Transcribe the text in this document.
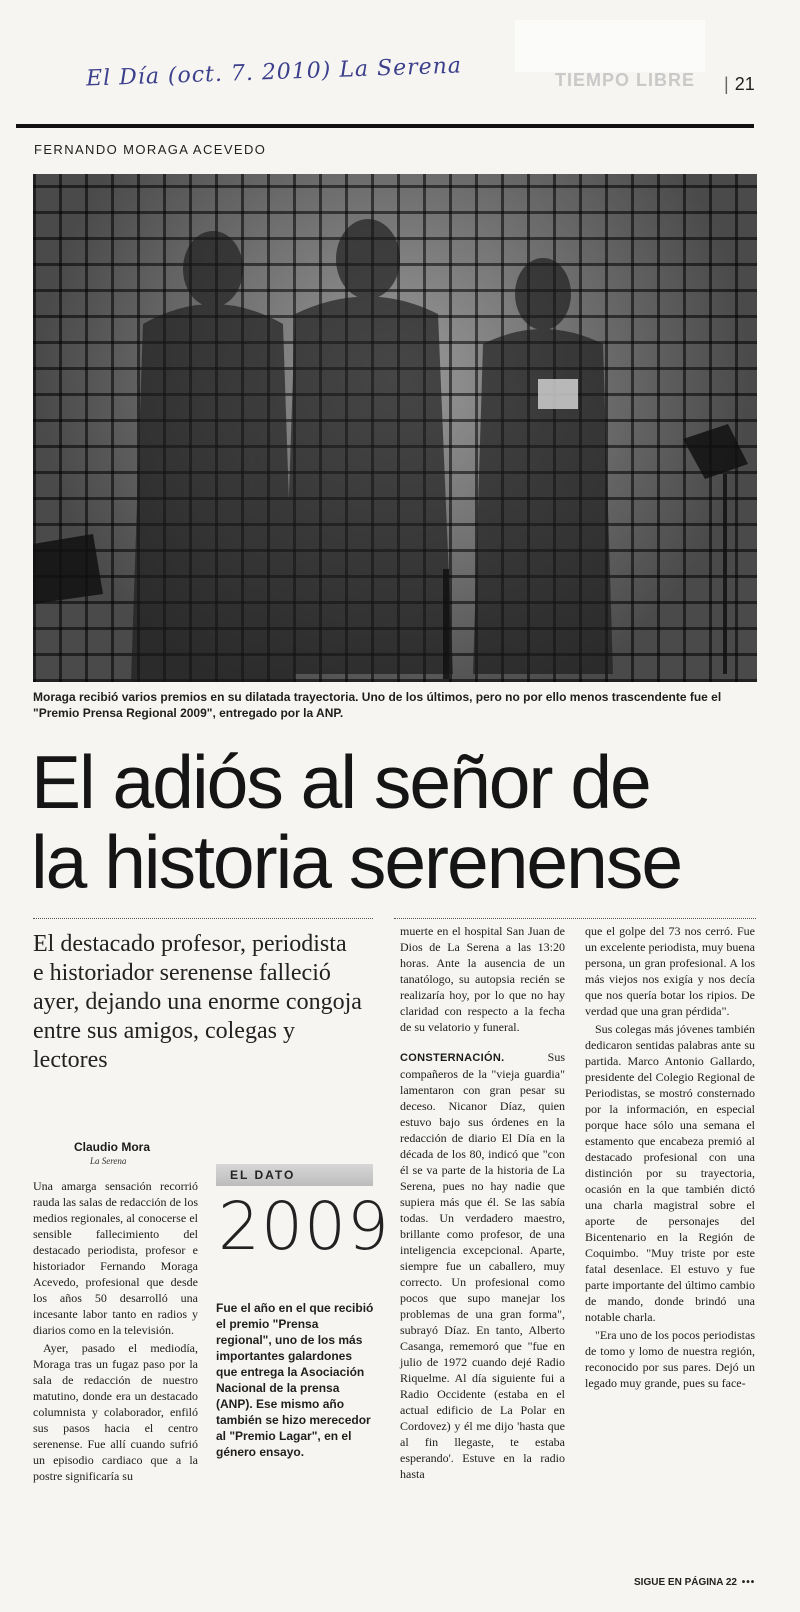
El Día (oct. 7. 2010) La Serena	TIEMPO LIBRE
|	21
FERNANDO MORAGA ACEVEDO
Moraga recibió varios premios en su dilatada trayectoria. Uno de los últimos, pero no por ello menos trascendente fue el "Premio Prensa Regional 2009", entregado por la ANP.
El adiós al señor de
la historia serenense
El destacado profesor, periodista e historiador serenense falleció ayer, dejando una enorme congoja entre sus amigos, colegas y lectores
Claudio Mora
La Serena

Una amarga sensación recorrió rauda las salas de redacción de los medios regionales, al conocerse el sensible fallecimiento del destacado periodista, profesor e historiador Fernando Moraga Acevedo, profesional que desde los años 50 desarrolló una incesante labor tanto en radios y diarios como en la televisión.

Ayer, pasado el mediodía, Moraga tras un fugaz paso por la sala de redacción de nuestro matutino, donde era un destacado columnista y colaborador, enfiló sus pasos hacia el centro serenense. Fue allí cuando sufrió un episodio cardiaco que a la postre significaría su

EL DATO
2009
Fue el año en el que recibió el premio "Prensa regional", uno de los más importantes galardones que entrega la Asociación Nacional de la prensa (ANP). Ese mismo año también se hizo merecedor al "Premio Lagar", en el género ensayo.

muerte en el hospital San Juan de Dios de La Serena a las 13:20 horas. Ante la ausencia de un tanatólogo, su autopsia recién se realizaría hoy, por lo que no hay claridad con respecto a la fecha de su velatorio y funeral.

CONSTERNACIÓN. Sus compañeros de la "vieja guardia" lamentaron con gran pesar su deceso. Nicanor Díaz, quien estuvo bajo sus órdenes en la redacción de diario El Día en la década de los 80, indicó que "con él se va parte de la historia de La Serena, pues no hay nadie que supiera más que él. Se las sabía todas. Un verdadero maestro, brillante como profesor, de una inteligencia excepcional. Aparte, siempre fue un caballero, muy correcto. Un profesional como pocos que supo manejar los problemas de una gran forma", subrayó Díaz. En tanto, Alberto Casanga, rememoró que "fue en julio de 1972 cuando dejé Radio Riquelme. Al día siguiente fui a Radio Occidente (estaba en el actual edificio de La Polar en Cordovez) y él me dijo 'hasta que al fin llegaste, te estaba esperando'. Estuve en la radio hasta

que el golpe del 73 nos cerró. Fue un excelente periodista, muy buena persona, un gran profesional. A los más viejos nos exigía y nos decía que nos quería botar los ripios. De verdad que una gran pérdida".

Sus colegas más jóvenes también dedicaron sentidas palabras ante su partida. Marco Antonio Gallardo, presidente del Colegio Regional de Periodistas, se mostró consternado por la información, en especial porque hace sólo una semana el estamento que encabeza premió al destacado profesional con una distinción por su trayectoria, ocasión en la que también dictó una charla magistral sobre el aporte de personajes del Bicentenario en la Región de Coquimbo. "Muy triste por este fatal desenlace. El estuvo y fue parte importante del último cambio de mando, donde brindó una notable charla.

"Era uno de los pocos periodistas de tomo y lomo de nuestra región, reconocido por sus pares. Dejó un legado muy grande, pues su face-

SIGUE EN PÁGINA 22 •••
